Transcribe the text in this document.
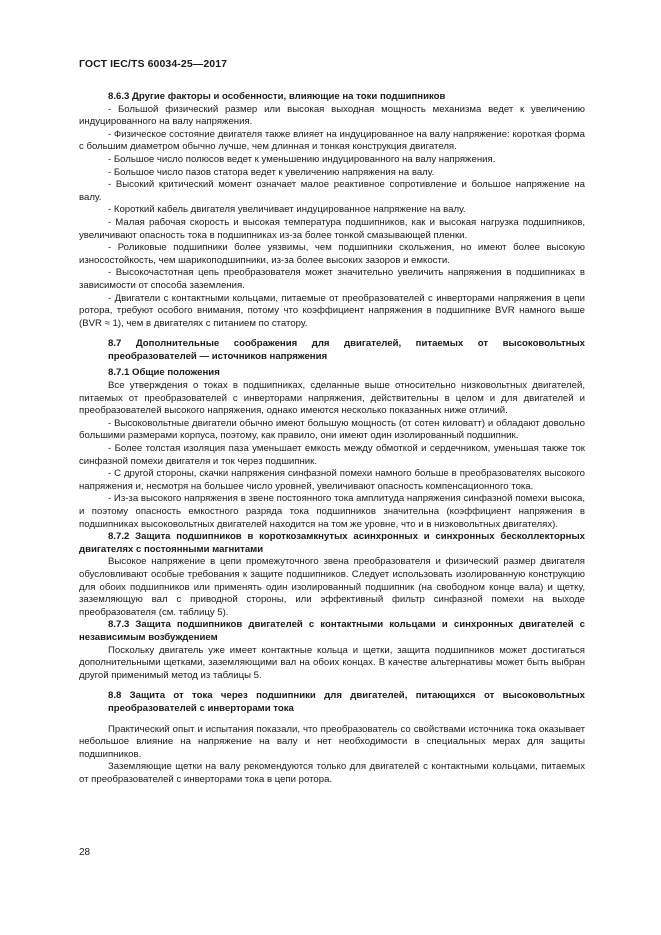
ГОСТ IEC/TS 60034-25—2017

8.6.3 Другие факторы и особенности, влияющие на токи подшипников

- Большой физический размер или высокая выходная мощность механизма ведет к увеличению индуцированного на валу напряжения.

- Физическое состояние двигателя также влияет на индуцированное на валу напряжение: короткая форма с большим диаметром обычно лучше, чем длинная и тонкая конструкция двигателя.

- Большое число полюсов ведет к уменьшению индуцированного на валу напряжения.

- Большое число пазов статора ведет к увеличению напряжения на валу.

- Высокий критический момент означает малое реактивное сопротивление и большое напряжение на валу.

- Короткий кабель двигателя увеличивает индуцированное напряжение на валу.

- Малая рабочая скорость и высокая температура подшипников, как и высокая нагрузка подшипников, увеличивают опасность тока в подшипниках из-за более тонкой смазывающей пленки.

- Роликовые подшипники более уязвимы, чем подшипники скольжения, но имеют более высокую износостойкость, чем шарикоподшипники, из-за более высоких зазоров и емкости.

- Высокочастотная цепь преобразователя может значительно увеличить напряжения в подшипниках в зависимости от способа заземления.

- Двигатели с контактными кольцами, питаемые от преобразователей с инверторами напряжения в цепи ротора, требуют особого внимания, потому что коэффициент напряжения в подшипнике BVR намного выше (BVR ≈ 1), чем в двигателях с питанием по статору.

8.7 Дополнительные соображения для двигателей, питаемых от высоковольтных преобразователей — источников напряжения

8.7.1 Общие положения

Все утверждения о токах в подшипниках, сделанные выше относительно низковольтных двигателей, питаемых от преобразователей с инверторами напряжения, действительны в целом и для двигателей и преобразователей высокого напряжения, однако имеются несколько показанных ниже отличий.

- Высоковольтные двигатели обычно имеют большую мощность (от сотен киловатт) и обладают довольно большими размерами корпуса, поэтому, как правило, они имеют один изолированный подшипник.

- Более толстая изоляция паза уменьшает емкость между обмоткой и сердечником, уменьшая также ток синфазной помехи двигателя и ток через подшипник.

- С другой стороны, скачки напряжения синфазной помехи намного больше в преобразователях высокого напряжения и, несмотря на большее число уровней, увеличивают опасность компенсационного тока.

- Из-за высокого напряжения в звене постоянного тока амплитуда напряжения синфазной помехи высока, и поэтому опасность емкостного разряда тока подшипников значительна (коэффициент напряжения в подшипниках высоковольтных двигателей находится на том же уровне, что и в низковольтных двигателях).

8.7.2 Защита подшипников в короткозамкнутых асинхронных и синхронных бесколлекторных двигателях с постоянными магнитами

Высокое напряжение в цепи промежуточного звена преобразователя и физический размер двигателя обусловливают особые требования к защите подшипников. Следует использовать изолированную конструкцию для обоих подшипников или применять один изолированный подшипник (на свободном конце вала) и щетку, заземляющую вал с приводной стороны, или эффективный фильтр синфазной помехи на выходе преобразователя (см. таблицу 5).

8.7.3 Защита подшипников двигателей с контактными кольцами и синхронных двигателей с независимым возбуждением

Поскольку двигатель уже имеет контактные кольца и щетки, защита подшипников может достигаться дополнительными щетками, заземляющими вал на обоих концах. В качестве альтернативы может быть выбран другой применимый метод из таблицы 5.

8.8 Защита от тока через подшипники для двигателей, питающихся от высоковольтных преобразователей с инверторами тока

Практический опыт и испытания показали, что преобразователь со свойствами источника тока оказывает небольшое влияние на напряжение на валу и нет необходимости в специальных мерах для защиты подшипников.

Заземляющие щетки на валу рекомендуются только для двигателей с контактными кольцами, питаемых от преобразователей с инверторами тока в цепи ротора.

28
